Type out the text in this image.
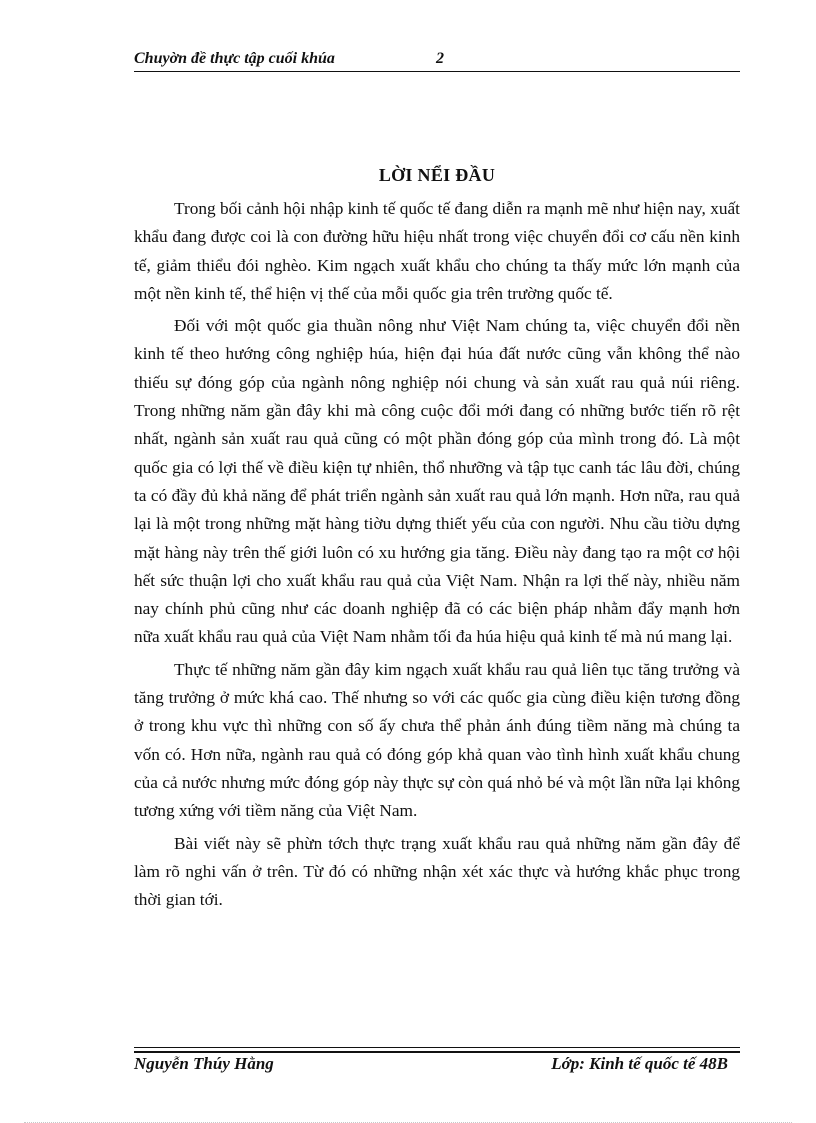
Chuyờn đề thực tập cuối khúa	2
LỜI NỂI ĐẦU

Trong bối cảnh hội nhập kinh tế quốc tế đang diễn ra mạnh mẽ như hiện nay, xuất khẩu đang được coi là con đường hữu hiệu nhất trong việc chuyển đổi cơ cấu nền kinh tế, giảm thiểu đói nghèo. Kim ngạch xuất khẩu cho chúng ta thấy mức lớn mạnh của một nền kinh tế, thể hiện vị thế của mỗi quốc gia trên trường quốc tế.

Đối với một quốc gia thuần nông như Việt Nam chúng ta, việc chuyển đổi nền kinh tế theo hướng công nghiệp húa, hiện đại húa đất nước cũng vẫn không thể nào thiếu sự đóng góp của ngành nông nghiệp nói chung và sản xuất rau quả núi riêng. Trong những năm gần đây khi mà công cuộc đổi mới đang có những bước tiến rõ rệt nhất, ngành sản xuất rau quả cũng có một phần đóng góp của mình trong đó. Là một quốc gia có lợi thế về điều kiện tự nhiên, thổ nhưỡng và tập tục canh tác lâu đời, chúng ta có đầy đủ khả năng để phát triển ngành sản xuất rau quả lớn mạnh. Hơn nữa, rau quả lại là một trong những mặt hàng tiờu dựng thiết yếu của con người. Nhu cầu tiờu dựng mặt hàng này trên thế giới luôn có xu hướng gia tăng. Điều này đang tạo ra một cơ hội hết sức thuận lợi cho xuất khẩu rau quả của Việt Nam. Nhận ra lợi thế này, nhiều năm nay chính phủ cũng như các doanh nghiệp đã có các biện pháp nhằm đẩy mạnh hơn nữa xuất khẩu rau quả của Việt Nam nhằm tối đa húa hiệu quả kinh tế mà nú mang lại.

Thực tế những năm gần đây kim ngạch xuất khẩu rau quả liên tục tăng trưởng và tăng trưởng ở mức khá cao. Thế nhưng so với các quốc gia cùng điều kiện tương đồng ở trong khu vực thì những con số ấy chưa thể phản ánh đúng tiềm năng mà chúng ta vốn có. Hơn nữa, ngành rau quả có đóng góp khả quan vào tình hình xuất khẩu chung của cả nước nhưng mức đóng góp này thực sự còn quá nhỏ bé và một lần nữa lại không tương xứng với tiềm năng của Việt Nam.

Bài viết này sẽ phừn tớch thực trạng xuất khẩu rau quả những năm gần đây để làm rõ nghi vấn ở trên. Từ đó có những nhận xét xác thực và hướng khắc phục trong thời gian tới.

Nguyễn Thúy Hằng	Lớp: Kinh tế quốc tế 48B
